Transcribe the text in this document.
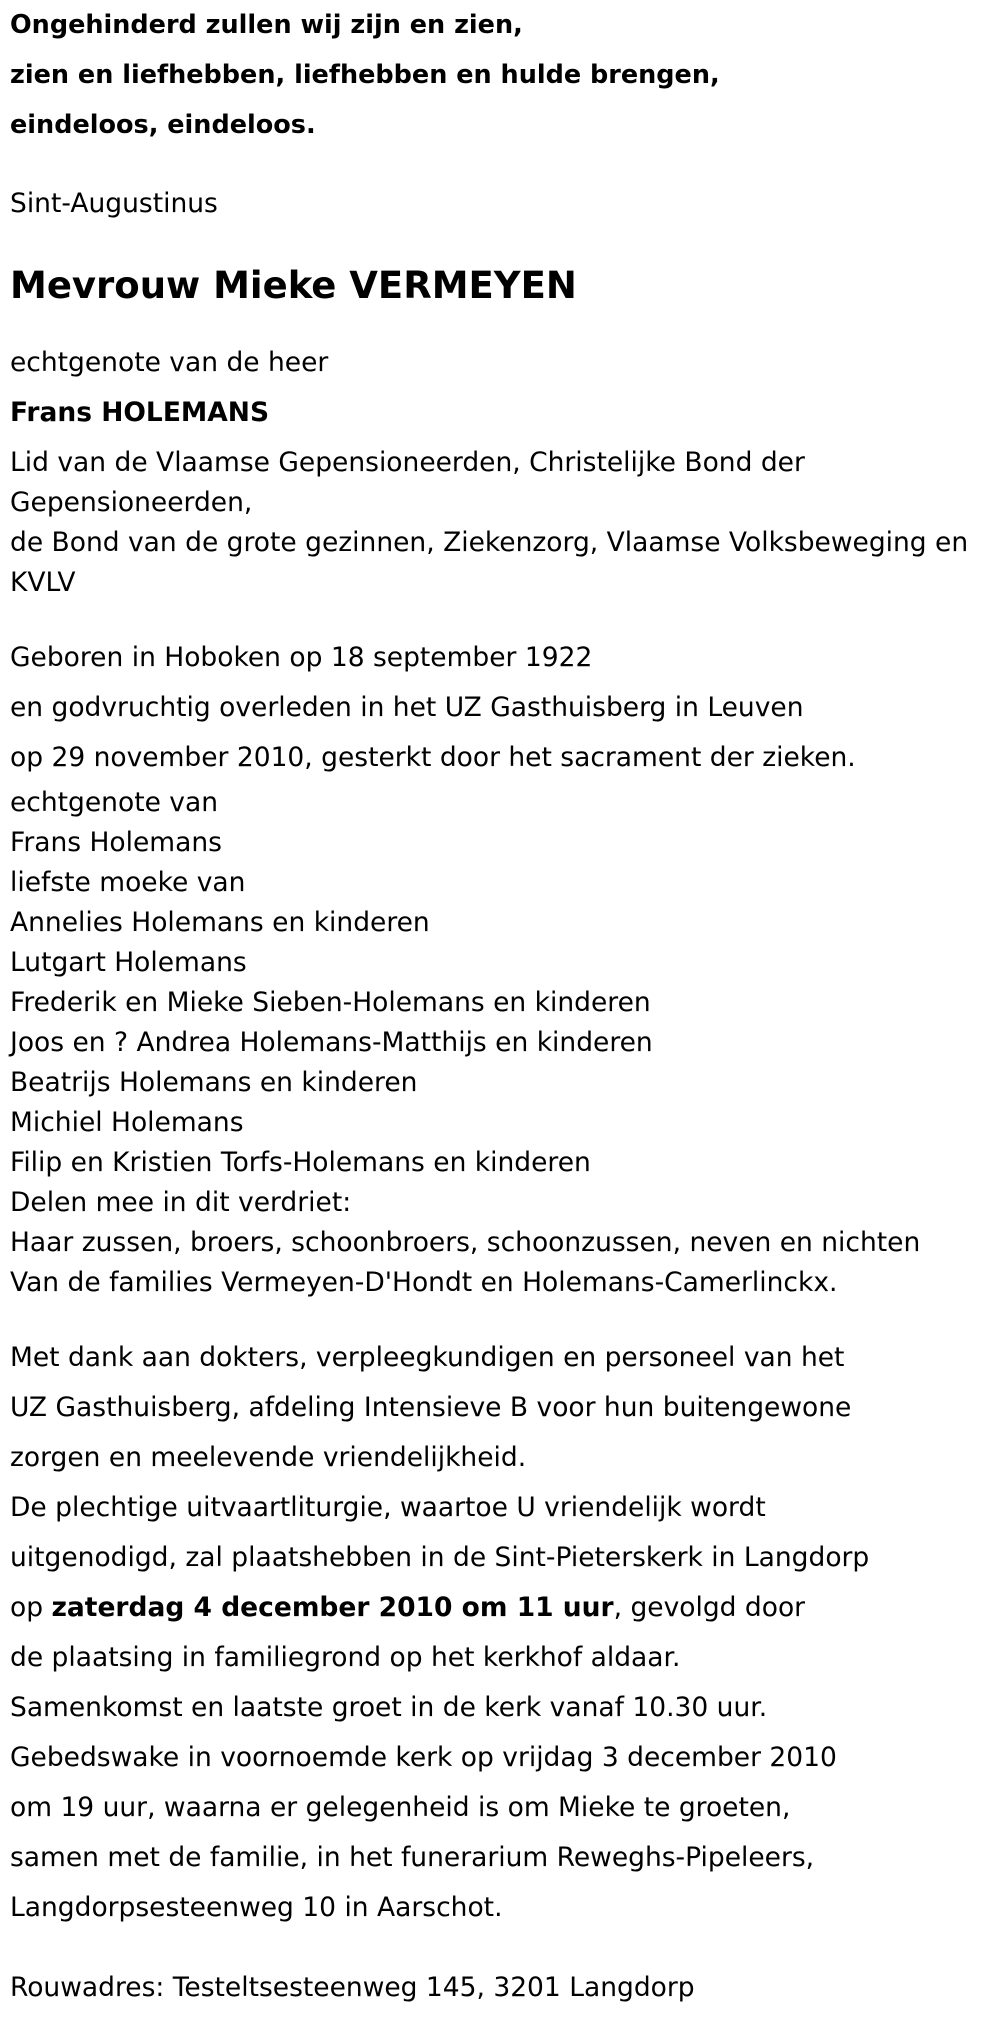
Ongehinderd zullen wij zijn en zien,
zien en liefhebben, liefhebben en hulde brengen,
eindeloos, eindeloos.
Sint-Augustinus
Mevrouw Mieke VERMEYEN
echtgenote van de heer
Frans HOLEMANS
Lid van de Vlaamse Gepensioneerden, Christelijke Bond der
Gepensioneerden,
de Bond van de grote gezinnen, Ziekenzorg, Vlaamse Volksbeweging en
KVLV
Geboren in Hoboken op 18 september 1922
en godvruchtig overleden in het UZ Gasthuisberg in Leuven
op 29 november 2010, gesterkt door het sacrament der zieken.
echtgenote van
Frans Holemans
liefste moeke van
Annelies Holemans en kinderen
Lutgart Holemans
Frederik en Mieke Sieben-Holemans en kinderen
Joos en ? Andrea Holemans-Matthijs en kinderen
Beatrijs Holemans en kinderen
Michiel Holemans
Filip en Kristien Torfs-Holemans en kinderen
Delen mee in dit verdriet:
Haar zussen, broers, schoonbroers, schoonzussen, neven en nichten
Van de families Vermeyen-D'Hondt en Holemans-Camerlinckx.
Met dank aan dokters, verpleegkundigen en personeel van het
UZ Gasthuisberg, afdeling Intensieve B voor hun buitengewone
zorgen en meelevende vriendelijkheid.
De plechtige uitvaartliturgie, waartoe U vriendelijk wordt
uitgenodigd, zal plaatshebben in de Sint-Pieterskerk in Langdorp
op zaterdag 4 december 2010 om 11 uur, gevolgd door
de plaatsing in familiegrond op het kerkhof aldaar.
Samenkomst en laatste groet in de kerk vanaf 10.30 uur.
Gebedswake in voornoemde kerk op vrijdag 3 december 2010
om 19 uur, waarna er gelegenheid is om Mieke te groeten,
samen met de familie, in het funerarium Reweghs-Pipeleers,
Langdorpsesteenweg 10 in Aarschot.
Rouwadres: Testeltsesteenweg 145, 3201 Langdorp
